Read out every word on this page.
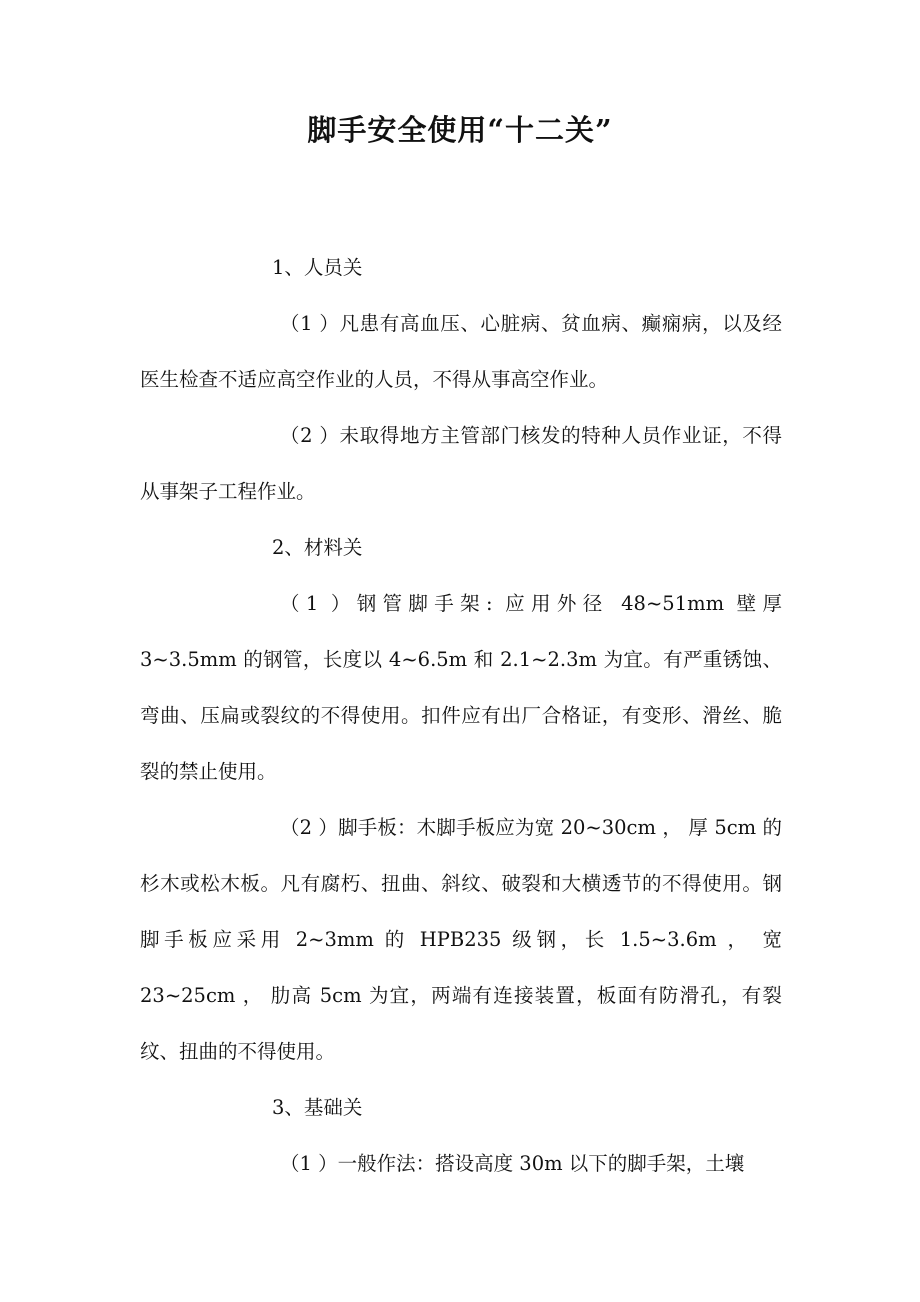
脚手安全使用“十二关”

1、人员关

（1 ）凡患有高血压、心脏病、贫血病、癫痫病，以及经医生检查不适应高空作业的人员，不得从事高空作业。

（2 ）未取得地方主管部门核发的特种人员作业证，不得从事架子工程作业。

2、材料关

（1 ）钢管脚手架: 应用外径 48~51mm 壁厚 3~3.5mm 的钢管，长度以 4~6.5m 和 2.1~2.3m 为宜。有严重锈蚀、弯曲、压扁或裂纹的不得使用。扣件应有出厂合格证，有变形、滑丝、脆裂的禁止使用。

（2 ）脚手板：木脚手板应为宽 20~30cm ， 厚 5cm 的杉木或松木板。凡有腐朽、扭曲、斜纹、破裂和大横透节的不得使用。钢脚手板应采用 2~3mm 的 HPB235 级钢，长 1.5~3.6m ， 宽 23~25cm ， 肋高 5cm 为宜，两端有连接装置，板面有防滑孔，有裂纹、扭曲的不得使用。

3、基础关

（1 ）一般作法：搭设高度 30m 以下的脚手架，土壤
